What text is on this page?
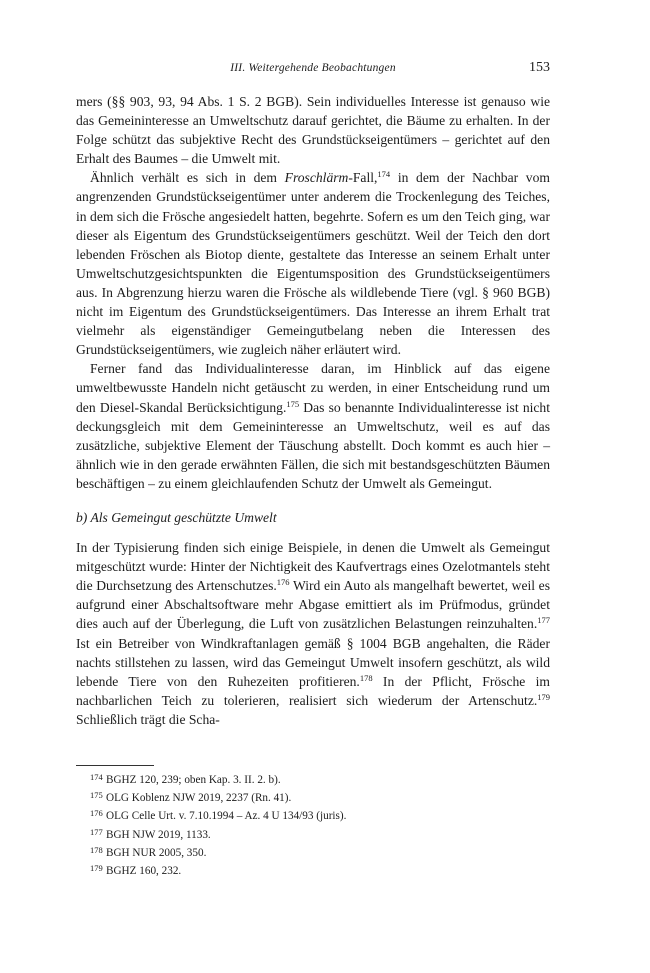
III. Weitergehende Beobachtungen	153

mers (§§ 903, 93, 94 Abs. 1 S. 2 BGB). Sein individuelles Interesse ist genauso wie das Gemeininteresse an Umweltschutz darauf gerichtet, die Bäume zu erhalten. In der Folge schützt das subjektive Recht des Grundstückseigentümers – gerichtet auf den Erhalt des Baumes – die Umwelt mit.

Ähnlich verhält es sich in dem Froschlärm-Fall,$^{174}$ in dem der Nachbar vom angrenzenden Grundstückseigentümer unter anderem die Trockenlegung des Teiches, in dem sich die Frösche angesiedelt hatten, begehrte. Sofern es um den Teich ging, war dieser als Eigentum des Grundstückseigentümers geschützt. Weil der Teich den dort lebenden Fröschen als Biotop diente, gestaltete das Interesse an seinem Erhalt unter Umweltschutzgesichtspunkten die Eigentumsposition des Grundstückseigentümers aus. In Abgrenzung hierzu waren die Frösche als wildlebende Tiere (vgl. § 960 BGB) nicht im Eigentum des Grundstückseigentümers. Das Interesse an ihrem Erhalt trat vielmehr als eigenständiger Gemeingutbelang neben die Interessen des Grundstückseigentümers, wie zugleich näher erläutert wird.

Ferner fand das Individualinteresse daran, im Hinblick auf das eigene umweltbewusste Handeln nicht getäuscht zu werden, in einer Entscheidung rund um den Diesel-Skandal Berücksichtigung.$^{175}$ Das so benannte Individualinteresse ist nicht deckungsgleich mit dem Gemeininteresse an Umweltschutz, weil es auf das zusätzliche, subjektive Element der Täuschung abstellt. Doch kommt es auch hier – ähnlich wie in den gerade erwähnten Fällen, die sich mit bestandsgeschützten Bäumen beschäftigen – zu einem gleichlaufenden Schutz der Umwelt als Gemeingut.

b) Als Gemeingut geschützte Umwelt

In der Typisierung finden sich einige Beispiele, in denen die Umwelt als Gemeingut mitgeschützt wurde: Hinter der Nichtigkeit des Kaufvertrags eines Ozelotmantels steht die Durchsetzung des Artenschutzes.$^{176}$ Wird ein Auto als mangelhaft bewertet, weil es aufgrund einer Abschaltsoftware mehr Abgase emittiert als im Prüfmodus, gründet dies auch auf der Überlegung, die Luft von zusätzlichen Belastungen reinzuhalten.$^{177}$ Ist ein Betreiber von Windkraftanlagen gemäß § 1004 BGB angehalten, die Räder nachts stillstehen zu lassen, wird das Gemeingut Umwelt insofern geschützt, als wild lebende Tiere von den Ruhezeiten profitieren.$^{178}$ In der Pflicht, Frösche im nachbarlichen Teich zu tolerieren, realisiert sich wiederum der Artenschutz.$^{179}$ Schließlich trägt die Scha-

174 BGHZ 120, 239; oben Kap. 3. II. 2. b).
175 OLG Koblenz NJW 2019, 2237 (Rn. 41).
176 OLG Celle Urt. v. 7.10.1994 – Az. 4 U 134/93 (juris).
177 BGH NJW 2019, 1133.
178 BGH NUR 2005, 350.
179 BGHZ 160, 232.
